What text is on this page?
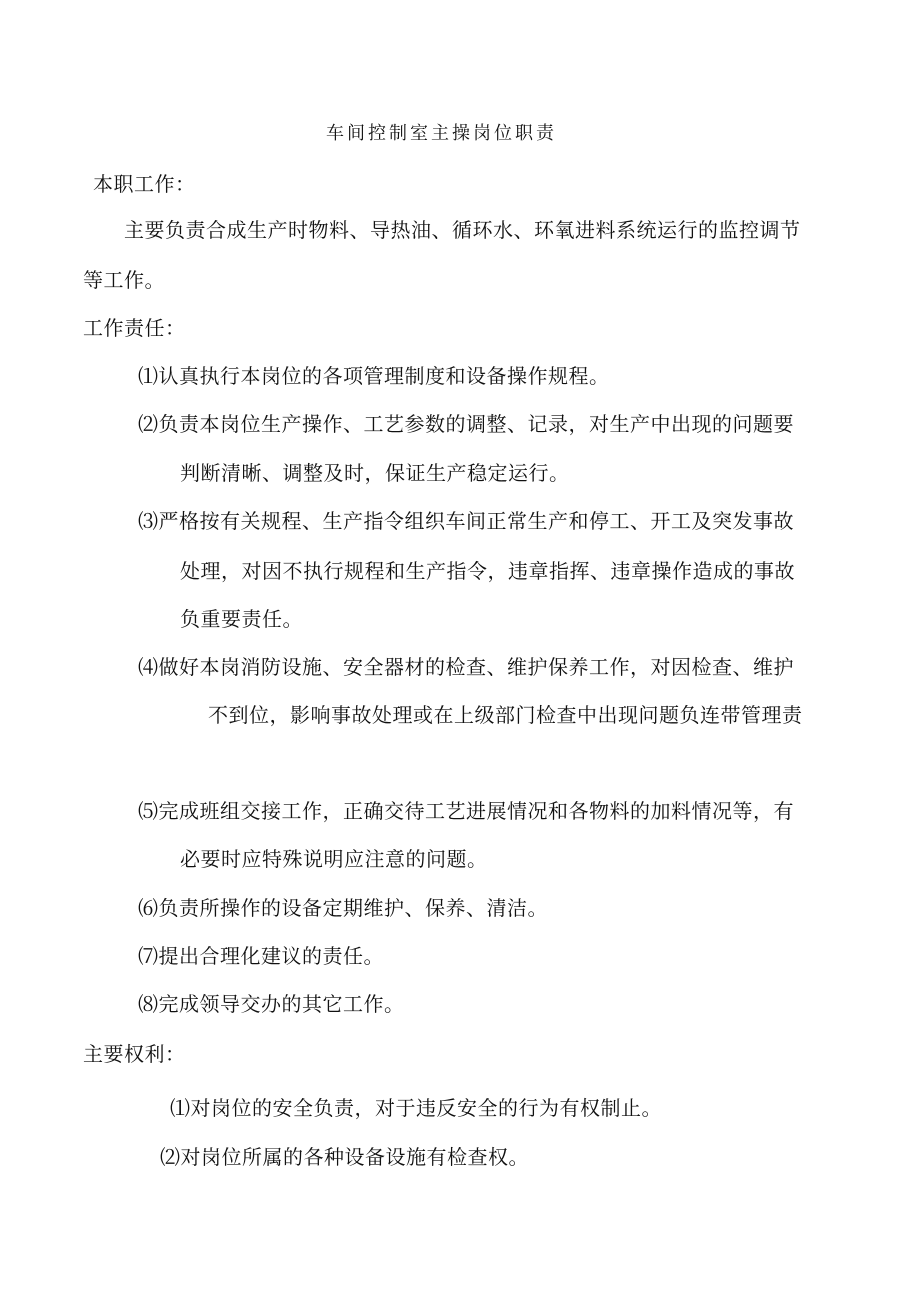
车间控制室主操岗位职责
本职工作：
主要负责合成生产时物料、导热油、循环水、环氧进料系统运行的监控调节
等工作。
工作责任：
⑴认真执行本岗位的各项管理制度和设备操作规程。
⑵负责本岗位生产操作、工艺参数的调整、记录，对生产中出现的问题要
判断清晰、调整及时，保证生产稳定运行。
⑶严格按有关规程、生产指令组织车间正常生产和停工、开工及突发事故
处理，对因不执行规程和生产指令，违章指挥、违章操作造成的事故
负重要责任。
⑷做好本岗消防设施、安全器材的检查、维护保养工作，对因检查、维护
不到位，影响事故处理或在上级部门检查中出现问题负连带管理责
⑸完成班组交接工作，正确交待工艺进展情况和各物料的加料情况等，有
必要时应特殊说明应注意的问题。
⑹负责所操作的设备定期维护、保养、清洁。
⑺提出合理化建议的责任。
⑻完成领导交办的其它工作。
主要权利：
⑴对岗位的安全负责，对于违反安全的行为有权制止。
⑵对岗位所属的各种设备设施有检查权。
